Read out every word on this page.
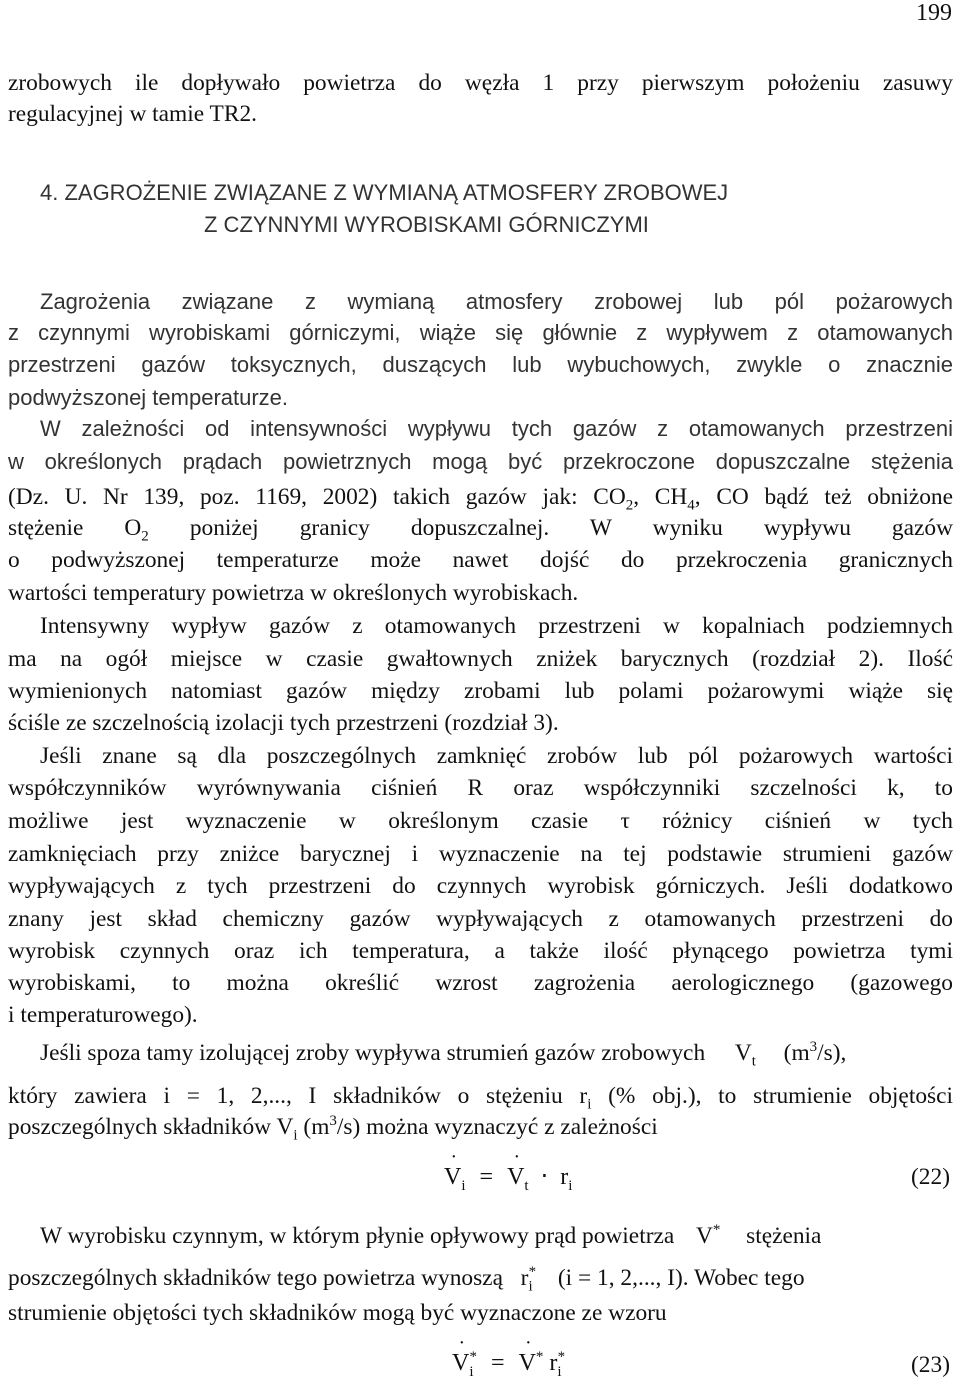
199
zrobowych ile dopływało powietrza do węzła 1 przy pierwszym położeniu zasuwy
regulacyjnej w tamie TR2.
4. ZAGROŻENIE ZWIĄZANE Z WYMIANĄ ATMOSFERY ZROBOWEJ
Z CZYNNYMI WYROBISKAMI GÓRNICZYMI
Zagrożenia związane z wymianą atmosfery zrobowej lub pól pożarowych
z czynnymi wyrobiskami górniczymi, wiąże się głównie z wypływem z otamowanych
przestrzeni gazów toksycznych, duszących lub wybuchowych, zwykle o znacznie
podwyższonej temperaturze.
W zależności od intensywności wypływu tych gazów z otamowanych przestrzeni
w określonych prądach powietrznych mogą być przekroczone dopuszczalne stężenia
(Dz. U. Nr 139, poz. 1169, 2002) takich gazów jak: $CO_2$, $CH_4$, CO bądź też obniżone
stężenie $O_2$ poniżej granicy dopuszczalnej. W wyniku wypływu gazów
o podwyższonej temperaturze może nawet dojść do przekroczenia granicznych
wartości temperatury powietrza w określonych wyrobiskach.
Intensywny wypływ gazów z otamowanych przestrzeni w kopalniach podziemnych
ma na ogół miejsce w czasie gwałtownych zniżek barycznych (rozdział 2). Ilość
wymienionych natomiast gazów między zrobami lub polami pożarowymi wiąże się
ściśle ze szczelnością izolacji tych przestrzeni (rozdział 3).
Jeśli znane są dla poszczególnych zamknięć zrobów lub pól pożarowych wartości
współczynników wyrównywania ciśnień R oraz współczynniki szczelności k, to
możliwe jest wyznaczenie w określonym czasie τ różnicy ciśnień w tych
zamknięciach przy zniżce barycznej i wyznaczenie na tej podstawie strumieni gazów
wypływających z tych przestrzeni do czynnych wyrobisk górniczych. Jeśli dodatkowo
znany jest skład chemiczny gazów wypływających z otamowanych przestrzeni do
wyrobisk czynnych oraz ich temperatura, a także ilość płynącego powietrza tymi
wyrobiskami, to można określić wzrost zagrożenia aerologicznego (gazowego
i temperaturowego).
Jeśli spoza tamy izolującej zroby wypływa strumień gazów zrobowych ˙ $V_t$ $(m^3/s)$,
który zawiera i = 1, 2,..., I składników o stężeniu $r_i$ (% obj.), to strumienie objętości
poszczególnych składników $V_i$ $(m^3/s)$ można wyznaczyć z zależności
˙ $V_i$ = ˙ $V_t \cdot r_i$	(22)
W wyrobisku czynnym, w którym płynie opływowy prąd powietrza ˙ V* stężenia
poszczególnych składników tego powietrza wynoszą $r_i^*$ (i = 1, 2,..., I). Wobec tego
strumienie objętości tych składników mogą być wyznaczone ze wzoru
˙ $V_i^*$ = ˙ V* $r_i^*$	(23)
